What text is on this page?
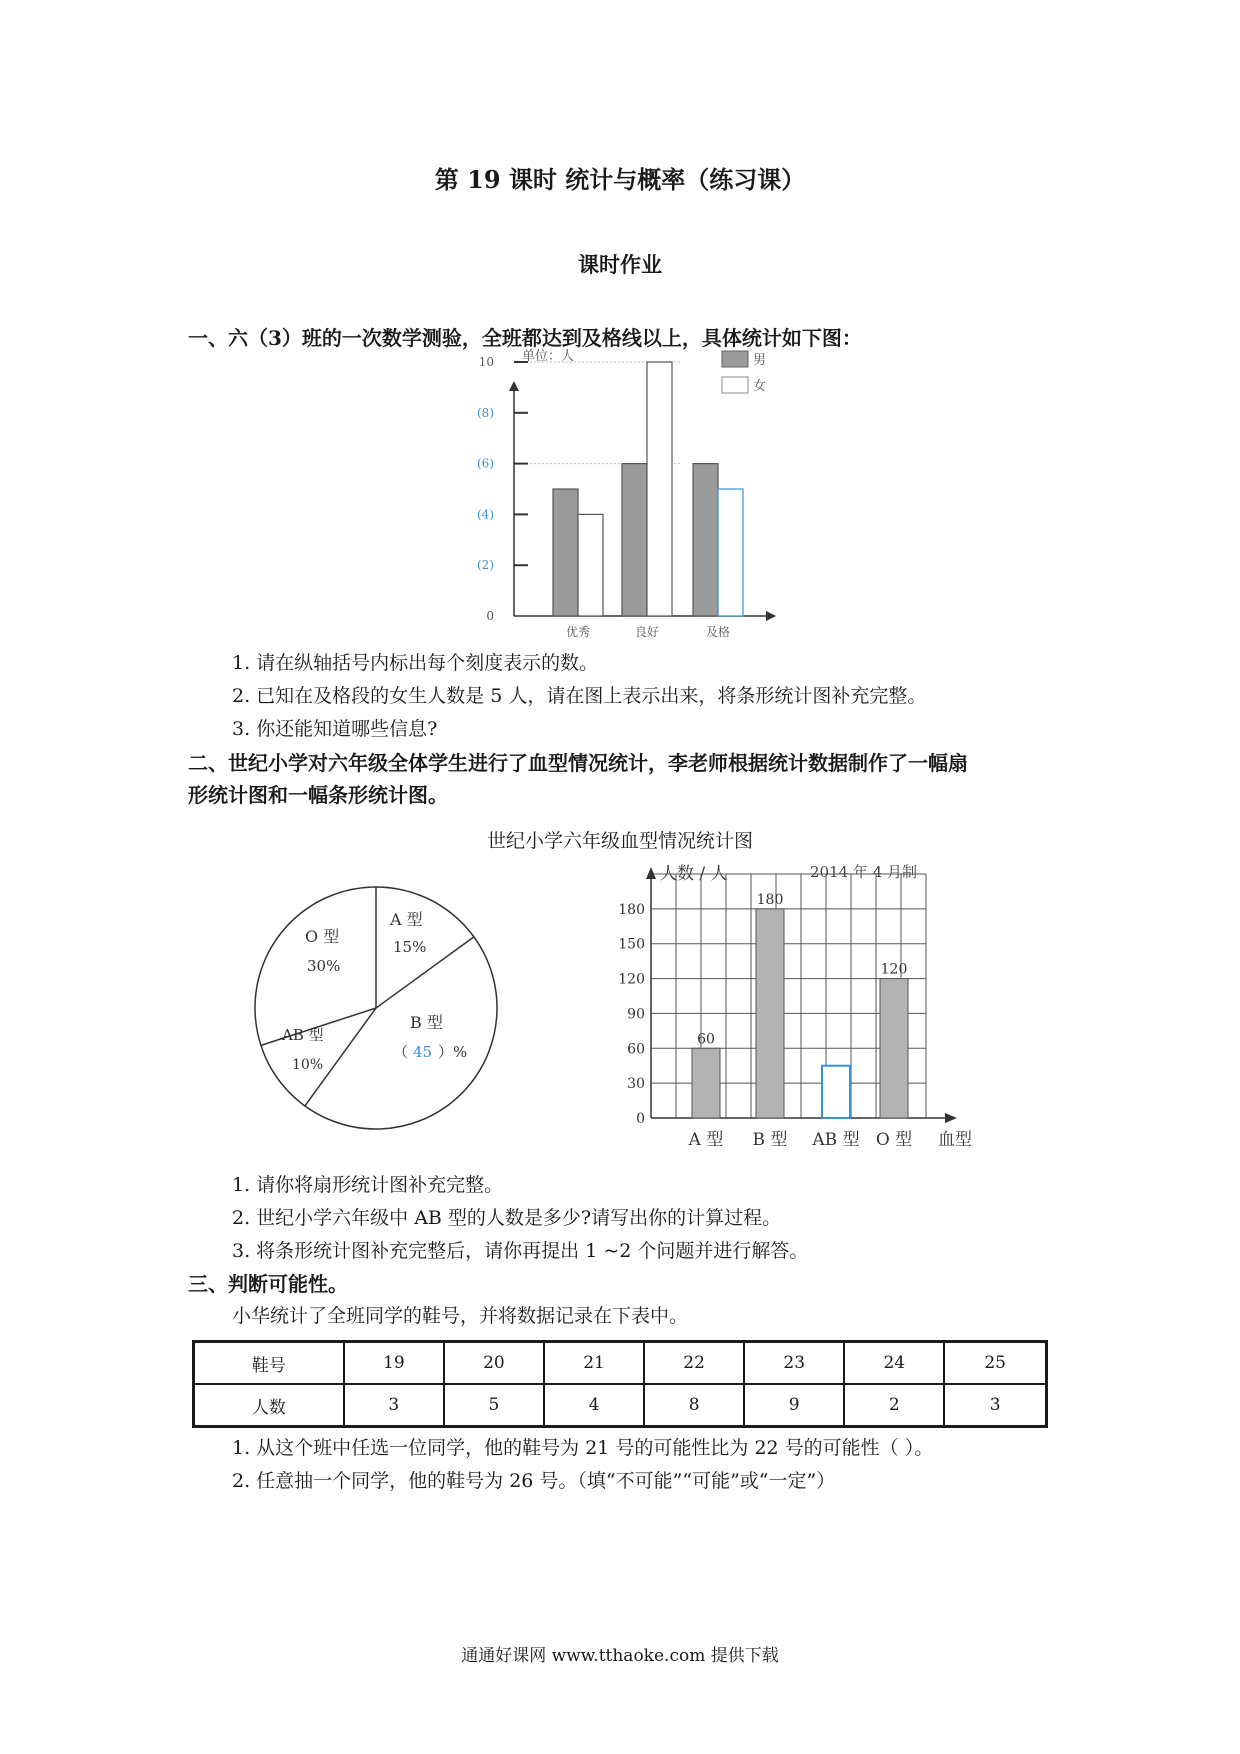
第 19 课时 统计与概率（练习课）
课时作业
一、六（3）班的一次数学测验，全班都达到及格线以上，具体统计如下图：
单位：人	男
女
0
(2)
(4)
(6)
(8)
10
优秀	良好	及格
1. 请在纵轴括号内标出每个刻度表示的数。
2. 已知在及格段的女生人数是 5 人，请在图上表示出来，将条形统计图补充完整。
3. 你还能知道哪些信息?
二、世纪小学对六年级全体学生进行了血型情况统计，李老师根据统计数据制作了一幅扇
形统计图和一幅条形统计图。
世纪小学六年级血型情况统计图
A 型
15%
O 型
30%
B 型
（ 45 ）%
AB 型
10%
人数 / 人	2014 年 4 月制
0
30
60
90
120
150
180
60
180
120
A 型 B 型 AB 型 O 型 血型
1. 请你将扇形统计图补充完整。
2. 世纪小学六年级中 AB 型的人数是多少?请写出你的计算过程。
3. 将条形统计图补充完整后，请你再提出 1 ~2 个问题并进行解答。
三、判断可能性。
小华统计了全班同学的鞋号，并将数据记录在下表中。
鞋号	19	20	21	22	23	24	25
人数	3	5	4	8	9	2	3
1. 从这个班中任选一位同学，他的鞋号为 21 号的可能性比为 22 号的可能性（ ）。
2. 任意抽一个同学，他的鞋号为 26 号。（填“不可能”“可能”或“一定”）
通通好课网 www.tthaoke.com 提供下载
